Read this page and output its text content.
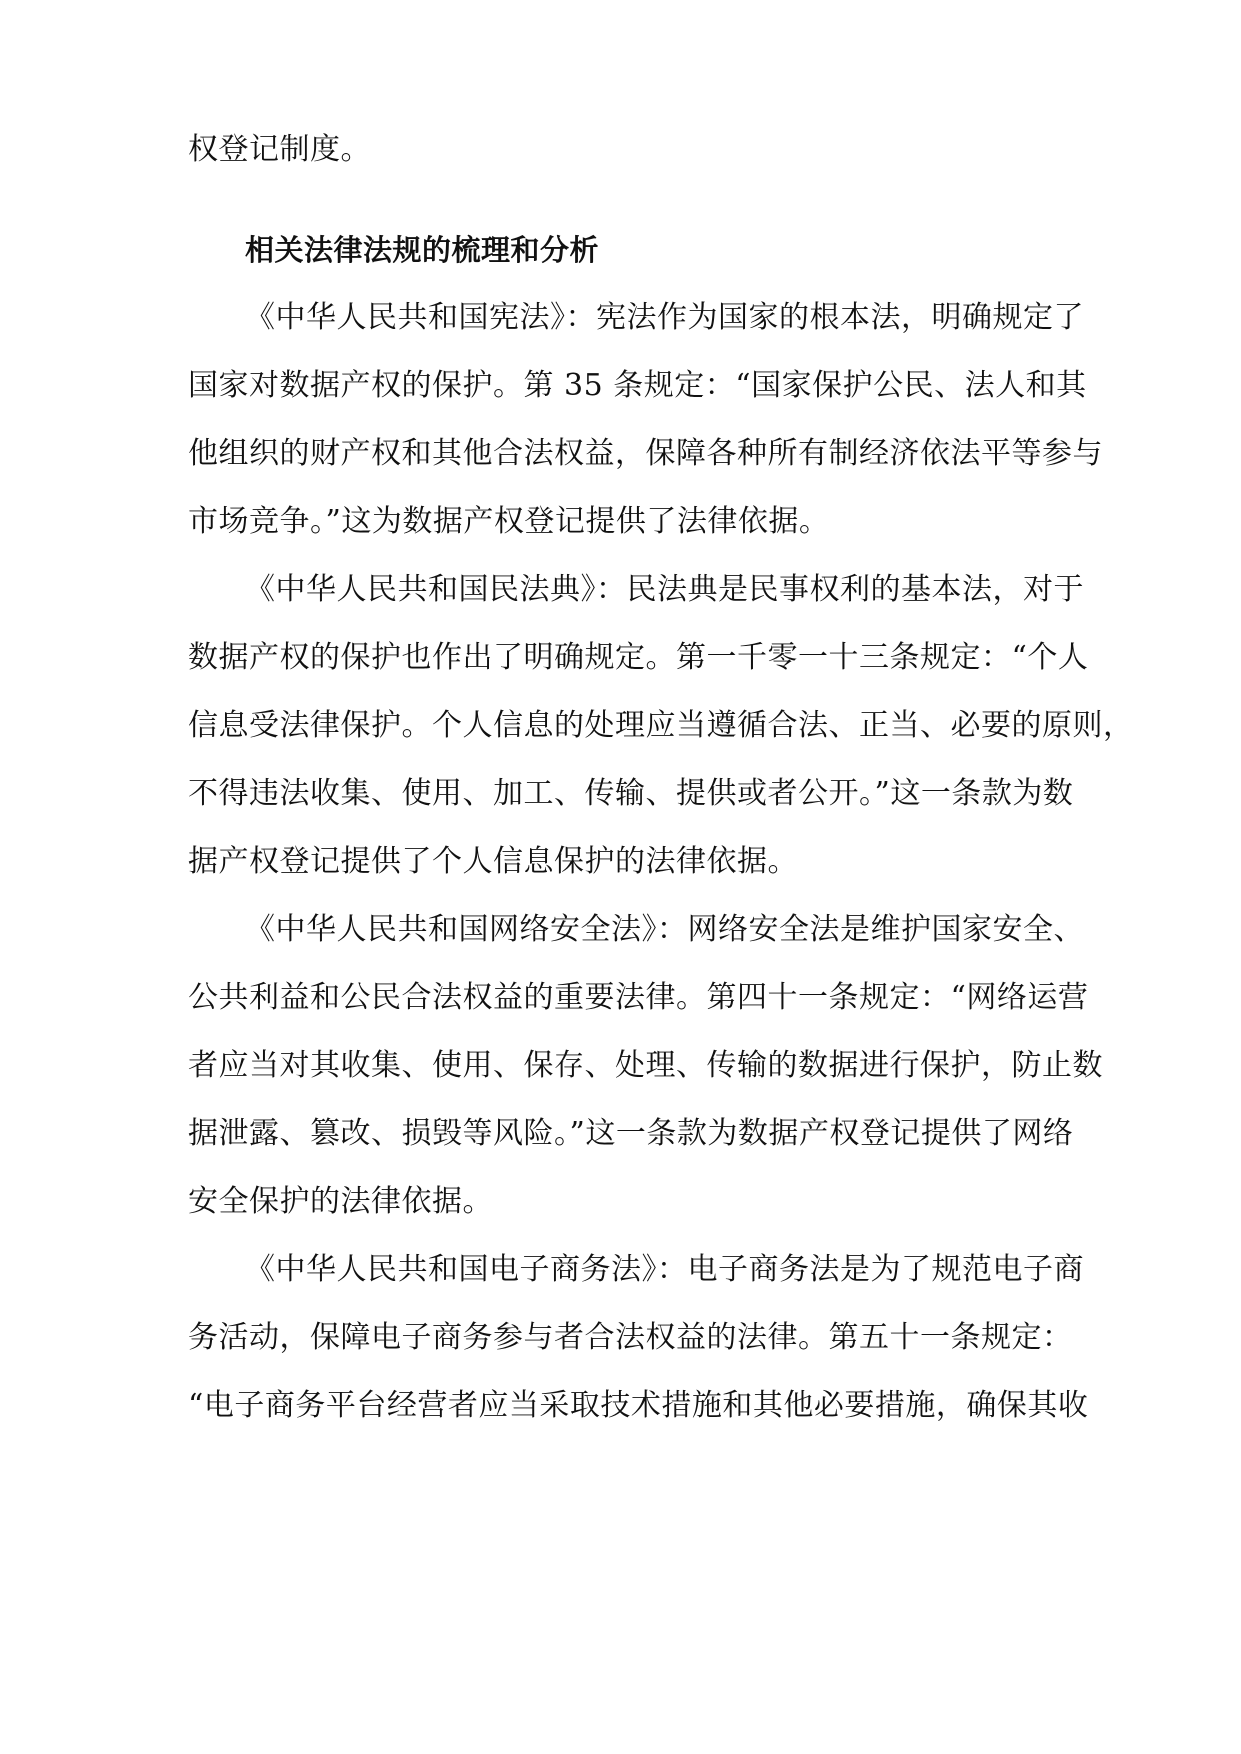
权登记制度。
相关法律法规的梳理和分析
《中华人民共和国宪法》：宪法作为国家的根本法，明确规定了
国家对数据产权的保护。第 35 条规定：“国家保护公民、法人和其
他组织的财产权和其他合法权益，保障各种所有制经济依法平等参与
市场竞争。”这为数据产权登记提供了法律依据。
《中华人民共和国民法典》：民法典是民事权利的基本法，对于
数据产权的保护也作出了明确规定。第一千零一十三条规定：“个人
信息受法律保护。个人信息的处理应当遵循合法、正当、必要的原则，
不得违法收集、使用、加工、传输、提供或者公开。”这一条款为数
据产权登记提供了个人信息保护的法律依据。
《中华人民共和国网络安全法》：网络安全法是维护国家安全、
公共利益和公民合法权益的重要法律。第四十一条规定：“网络运营
者应当对其收集、使用、保存、处理、传输的数据进行保护，防止数
据泄露、篡改、损毁等风险。”这一条款为数据产权登记提供了网络
安全保护的法律依据。
《中华人民共和国电子商务法》：电子商务法是为了规范电子商
务活动，保障电子商务参与者合法权益的法律。第五十一条规定：
“电子商务平台经营者应当采取技术措施和其他必要措施，确保其收
